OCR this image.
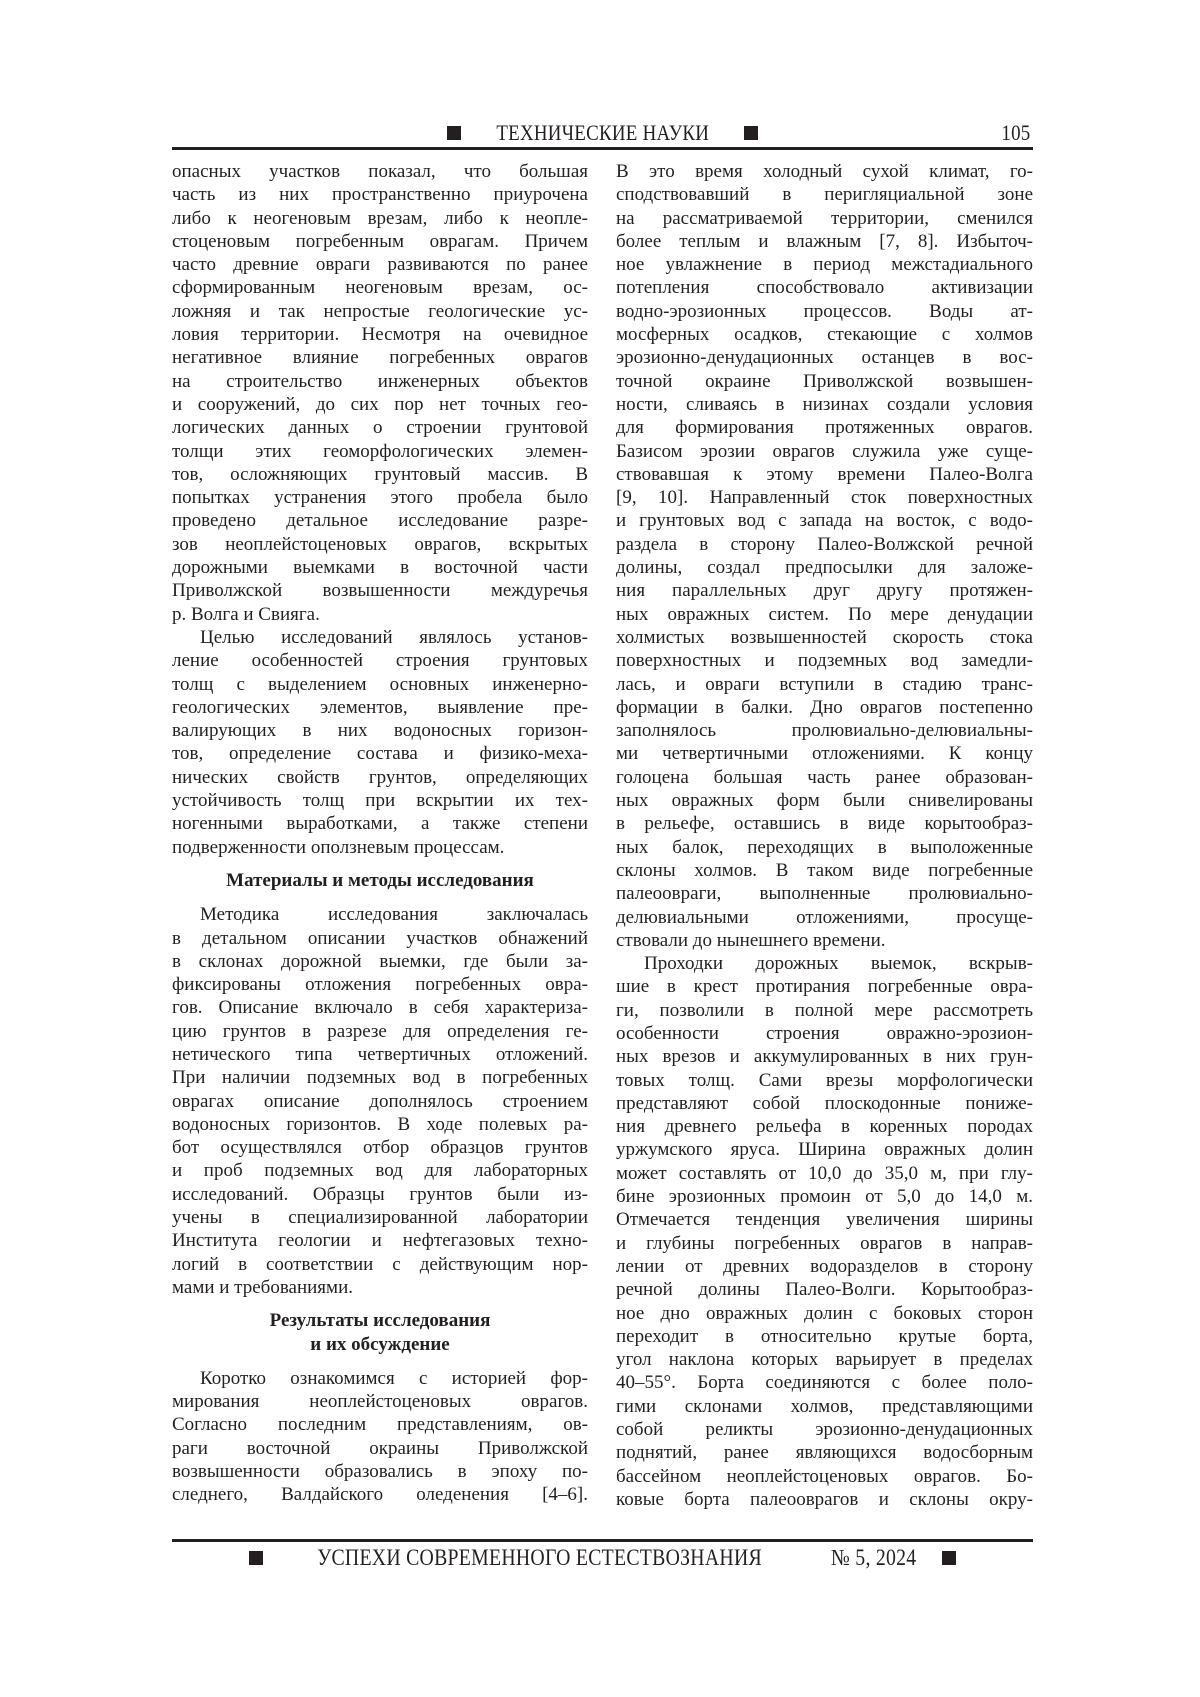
ТЕХНИЧЕСКИЕ НАУКИ	105
опасных участков показал, что большая
часть из них пространственно приурочена
либо к неогеновым врезам, либо к неопле-
стоценовым погребенным оврагам. Причем
часто древние овраги развиваются по ранее
сформированным неогеновым врезам, ос-
ложняя и так непростые геологические ус-
ловия территории. Несмотря на очевидное
негативное влияние погребенных оврагов
на строительство инженерных объектов
и сооружений, до сих пор нет точных гео-
логических данных о строении грунтовой
толщи этих геоморфологических элемен-
тов, осложняющих грунтовый массив. В
попытках устранения этого пробела было
проведено детальное исследование разре-
зов неоплейстоценовых оврагов, вскрытых
дорожными выемками в восточной части
Приволжской возвышенности междуречья
р. Волга и Свияга.
Целью исследований являлось установ-
ление особенностей строения грунтовых
толщ с выделением основных инженерно-
геологических элементов, выявление пре-
валирующих в них водоносных горизон-
тов, определение состава и физико-меха-
нических свойств грунтов, определяющих
устойчивость толщ при вскрытии их тех-
ногенными выработками, а также степени
подверженности оползневым процессам.
Материалы и методы исследования
Методика исследования заключалась
в детальном описании участков обнажений
в склонах дорожной выемки, где были за-
фиксированы отложения погребенных овра-
гов. Описание включало в себя характериза-
цию грунтов в разрезе для определения ге-
нетического типа четвертичных отложений.
При наличии подземных вод в погребенных
оврагах описание дополнялось строением
водоносных горизонтов. В ходе полевых ра-
бот осуществлялся отбор образцов грунтов
и проб подземных вод для лабораторных
исследований. Образцы грунтов были из-
учены в специализированной лаборатории
Института геологии и нефтегазовых техно-
логий в соответствии с действующим нор-
мами и требованиями.
Результаты исследования
и их обсуждение
Коротко ознакомимся с историей фор-
мирования неоплейстоценовых оврагов.
Согласно последним представлениям, ов-
раги восточной окраины Приволжской
возвышенности образовались в эпоху по-
следнего, Валдайского оледенения [4–6].
В это время холодный сухой климат, го-
сподствовавший в перигляциальной зоне
на рассматриваемой территории, сменился
более теплым и влажным [7, 8]. Избыточ-
ное увлажнение в период межстадиального
потепления способствовало активизации
водно-эрозионных процессов. Воды ат-
мосферных осадков, стекающие с холмов
эрозионно-денудационных останцев в вос-
точной окраине Приволжской возвышен-
ности, сливаясь в низинах создали условия
для формирования протяженных оврагов.
Базисом эрозии оврагов служила уже суще-
ствовавшая к этому времени Палео-Волга
[9, 10]. Направленный сток поверхностных
и грунтовых вод с запада на восток, с водо-
раздела в сторону Палео-Волжской речной
долины, создал предпосылки для заложе-
ния параллельных друг другу протяжен-
ных овражных систем. По мере денудации
холмистых возвышенностей скорость стока
поверхностных и подземных вод замедли-
лась, и овраги вступили в стадию транс-
формации в балки. Дно оврагов постепенно
заполнялось пролювиально-делювиальны-
ми четвертичными отложениями. К концу
голоцена большая часть ранее образован-
ных овражных форм были снивелированы
в рельефе, оставшись в виде корытообраз-
ных балок, переходящих в выположенные
склоны холмов. В таком виде погребенные
палеоовраги, выполненные пролювиально-
делювиальными отложениями, просуще-
ствовали до нынешнего времени.
Проходки дорожных выемок, вскрыв-
шие в крест протирания погребенные овра-
ги, позволили в полной мере рассмотреть
особенности строения овражно-эрозион-
ных врезов и аккумулированных в них грун-
товых толщ. Сами врезы морфологически
представляют собой плоскодонные пониже-
ния древнего рельефа в коренных породах
уржумского яруса. Ширина овражных долин
может составлять от 10,0 до 35,0 м, при глу-
бине эрозионных промоин от 5,0 до 14,0 м.
Отмечается тенденция увеличения ширины
и глубины погребенных оврагов в направ-
лении от древних водоразделов в сторону
речной долины Палео-Волги. Корытообраз-
ное дно овражных долин с боковых сторон
переходит в относительно крутые борта,
угол наклона которых варьирует в пределах
40–55°. Борта соединяются с более поло-
гими склонами холмов, представляющими
собой реликты эрозионно-денудационных
поднятий, ранее являющихся водосборным
бассейном неоплейстоценовых оврагов. Бо-
ковые борта палеооврагов и склоны окру-
УСПЕХИ СОВРЕМЕННОГО ЕСТЕСТВОЗНАНИЯ	№ 5, 2024
